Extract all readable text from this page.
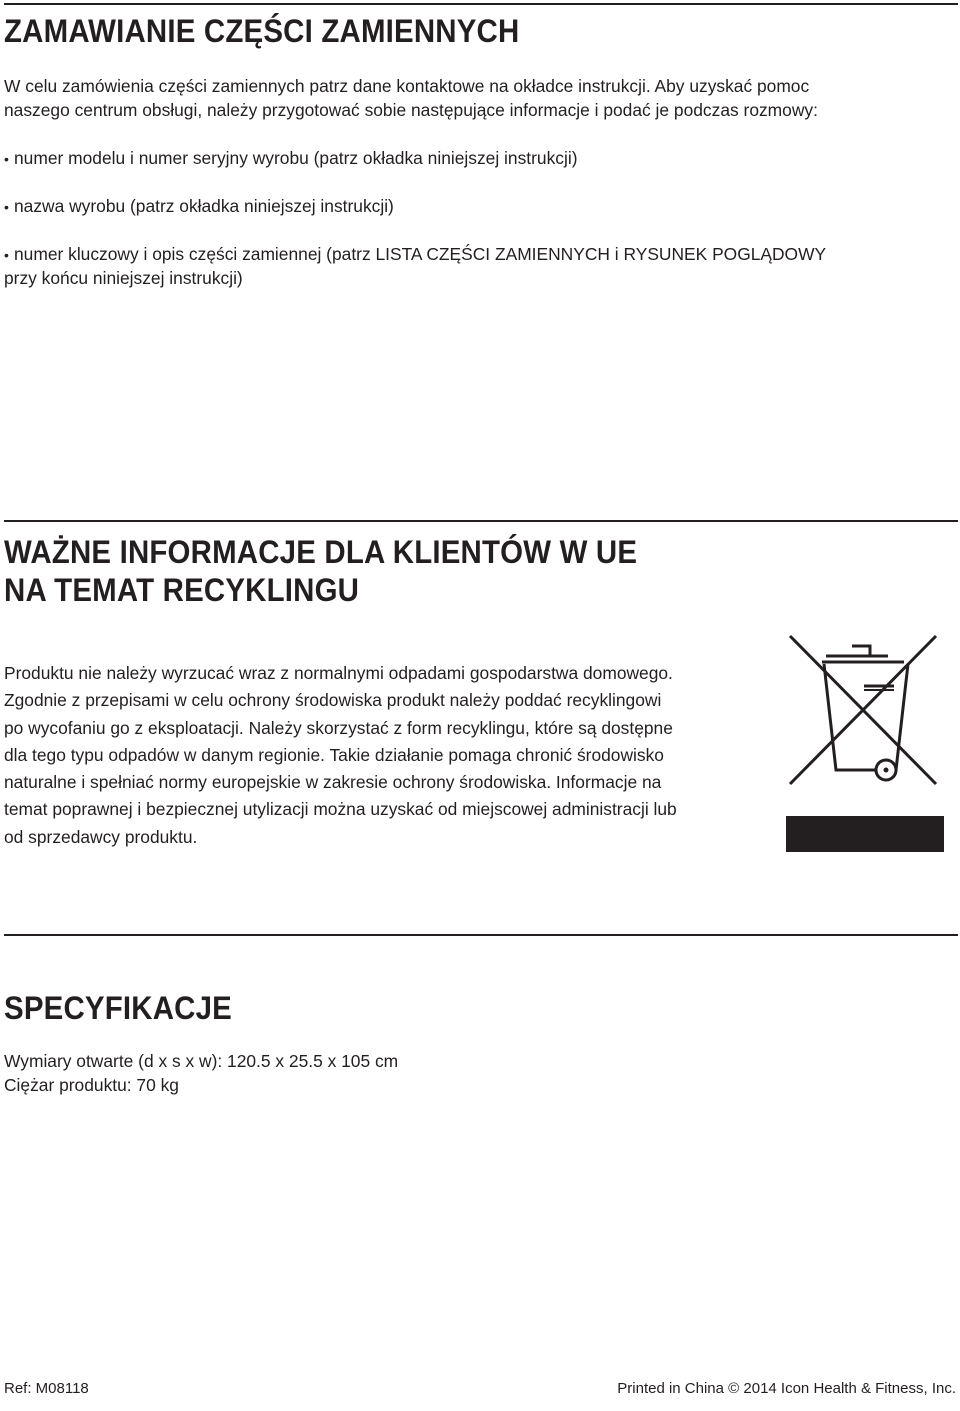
ZAMAWIANIE CZĘŚCI ZAMIENNYCH

W celu zamówienia części zamiennych patrz dane kontaktowe na okładce instrukcji. Aby uzyskać pomoc

naszego centrum obsługi, należy przygotować sobie następujące informacje i podać je podczas rozmowy:

• numer modelu i numer seryjny wyrobu (patrz okładka niniejszej instrukcji)

• nazwa wyrobu (patrz okładka niniejszej instrukcji)

• numer kluczowy i opis części zamiennej (patrz LISTA CZĘŚCI ZAMIENNYCH i RYSUNEK POGLĄDOWY

przy końcu niniejszej instrukcji)

WAŻNE INFORMACJE DLA KLIENTÓW W UE
NA TEMAT RECYKLINGU
Produktu nie należy wyrzucać wraz z normalnymi odpadami gospodarstwa domowego.
Zgodnie z przepisami w celu ochrony środowiska produkt należy poddać recyklingowi
po wycofaniu go z eksploatacji. Należy skorzystać z form recyklingu, które są dostępne
dla tego typu odpadów w danym regionie. Takie działanie pomaga chronić środowisko
naturalne i spełniać normy europejskie w zakresie ochrony środowiska. Informacje na
temat poprawnej i bezpiecznej utylizacji można uzyskać od miejscowej administracji lub
od sprzedawcy produktu.
SPECYFIKACJE

Wymiary otwarte (d x s x w): 120.5 x 25.5 x 105 cm

Ciężar produktu: 70 kg

Ref: M08118	Printed in China © 2014 Icon Health & Fitness, Inc.
